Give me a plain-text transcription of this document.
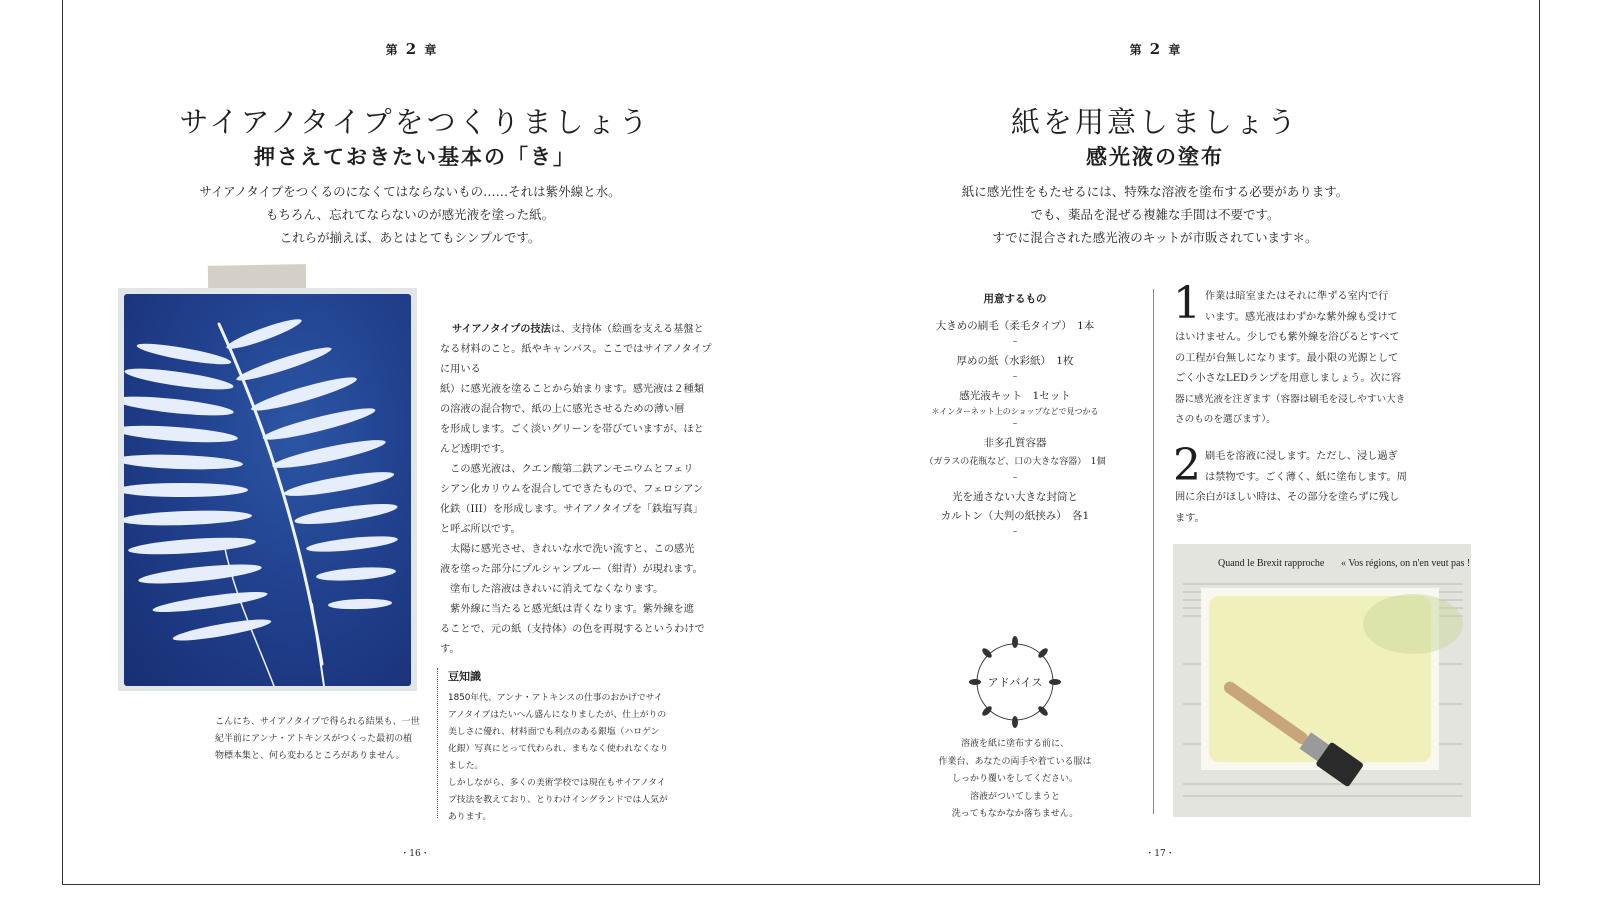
第 2 章
サイアノタイプをつくりましょう
押さえておきたい基本の「き」
サイアノタイプをつくるのになくてはならないもの……それは紫外線と水。
もちろん、忘れてならないのが感光液を塗った紙。
これらが揃えば、あとはとてもシンプルです。
サイアノタイプの技法は、支持体（絵画を支える基盤と
なる材料のこと。紙やキャンバス。ここではサイアノタイプに用いる
紙）に感光液を塗ることから始まります。感光液は２種類
の溶液の混合物で、紙の上に感光させるための薄い層
を形成します。ごく淡いグリーンを帯びていますが、ほと
んど透明です。
　この感光液は、クエン酸第二鉄アンモニウムとフェリ
シアン化カリウムを混合してできたもので、フェロシアン
化鉄（III）を形成します。サイアノタイプを「鉄塩写真」
と呼ぶ所以です。
　太陽に感光させ、きれいな水で洗い流すと、この感光
液を塗った部分にプルシャンブルー（紺青）が現れます。
　塗布した溶液はきれいに消えてなくなります。
　紫外線に当たると感光紙は青くなります。紫外線を遮
ることで、元の紙（支持体）の色を再現するというわけです。
こんにち、サイアノタイプで得られる結果も、一世
紀半前にアンナ・アトキンスがつくった最初の植
物標本集と、何ら変わるところがありません。
豆知識
1850年代、アンナ・アトキンスの仕事のおかげでサイ
アノタイプはたいへん盛んになりましたが、仕上がりの
美しさに優れ、材料面でも利点のある銀塩（ハロゲン
化銀）写真にとって代わられ、まもなく使われなくなり
ました。
しかしながら、多くの美術学校では現在もサイアノタイ
プ技法を教えており、とりわけイングランドでは人気が
あります。
・16・
第 2 章
紙を用意しましょう
感光液の塗布
紙に感光性をもたせるには、特殊な溶液を塗布する必要があります。
でも、薬品を混ぜる複雑な手間は不要です。
すでに混合された感光液のキットが市販されています＊。
用意するもの
大きめの刷毛（柔毛タイプ）　1本
–
厚めの紙（水彩紙）　1枚
–
感光液キット　1セット
＊インターネット上のショップなどで見つかる
–
非多孔質容器
（ガラスの花瓶など、口の大きな容器）　1個
–
光を通さない大きな封筒と
カルトン（大判の紙挟み）　各1
–
アドバイス
溶液を紙に塗布する前に、
作業台、あなたの両手や着ている服は
しっかり覆いをしてください。
溶液がついてしまうと
洗ってもなかなか落ちません。
1 作業は暗室またはそれに準ずる室内で行
います。感光液はわずかな紫外線も受けて
はいけません。少しでも紫外線を浴びるとすべて
の工程が台無しになります。最小限の光源として
ごく小さなLEDランプを用意しましょう。次に容
器に感光液を注ぎます（容器は刷毛を浸しやすい大き
さのものを選びます）。
2 刷毛を溶液に浸します。ただし、浸し過ぎ
は禁物です。ごく薄く、紙に塗布します。周
囲に余白がほしい時は、その部分を塗らずに残し
ます。
Quand le Brexit rapproche « Vos régions, on n'en veut pas !
・17・
